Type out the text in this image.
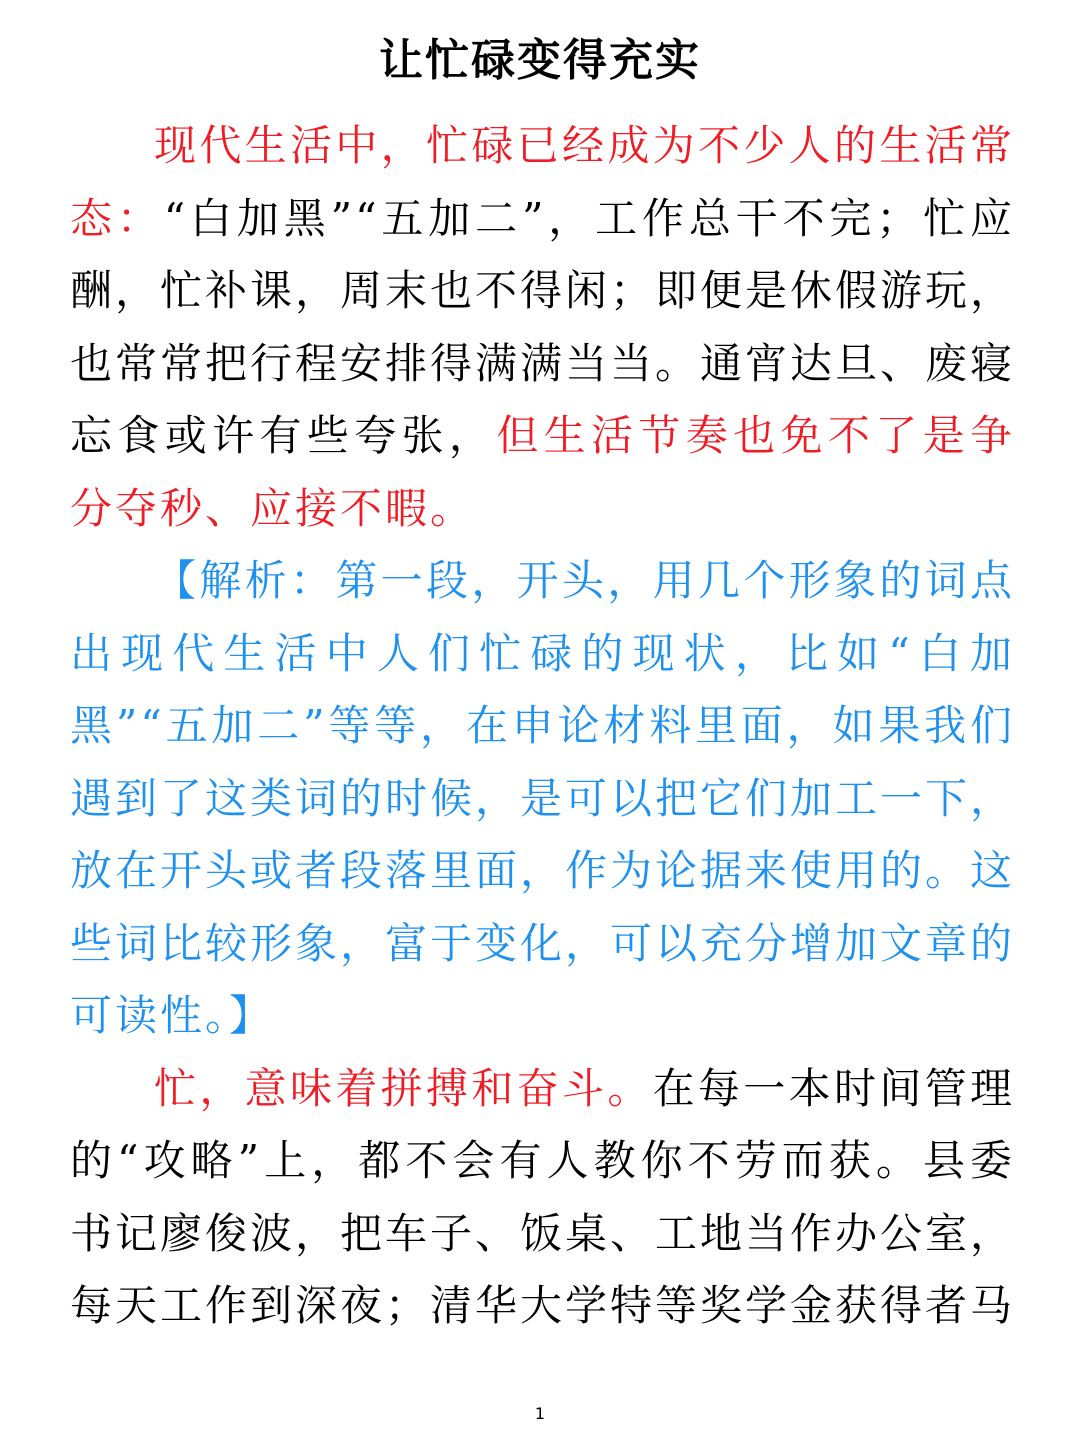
让忙碌变得充实

现代生活中，忙碌已经成为不少人的生活常态：“白加黑”“五加二”，工作总干不完；忙应酬，忙补课，周末也不得闲；即便是休假游玩，也常常把行程安排得满满当当。通宵达旦、废寝忘食或许有些夸张，但生活节奏也免不了是争分夺秒、应接不暇。

【解析：第一段，开头，用几个形象的词点出现代生活中人们忙碌的现状，比如“白加黑”“五加二”等等，在申论材料里面，如果我们遇到了这类词的时候，是可以把它们加工一下，放在开头或者段落里面，作为论据来使用的。这些词比较形象，富于变化，可以充分增加文章的可读性。】

忙，意味着拼搏和奋斗。在每一本时间管理的“攻略”上，都不会有人教你不劳而获。县委书记廖俊波，把车子、饭桌、工地当作办公室，每天工作到深夜；清华大学特等奖学金获得者马

1
